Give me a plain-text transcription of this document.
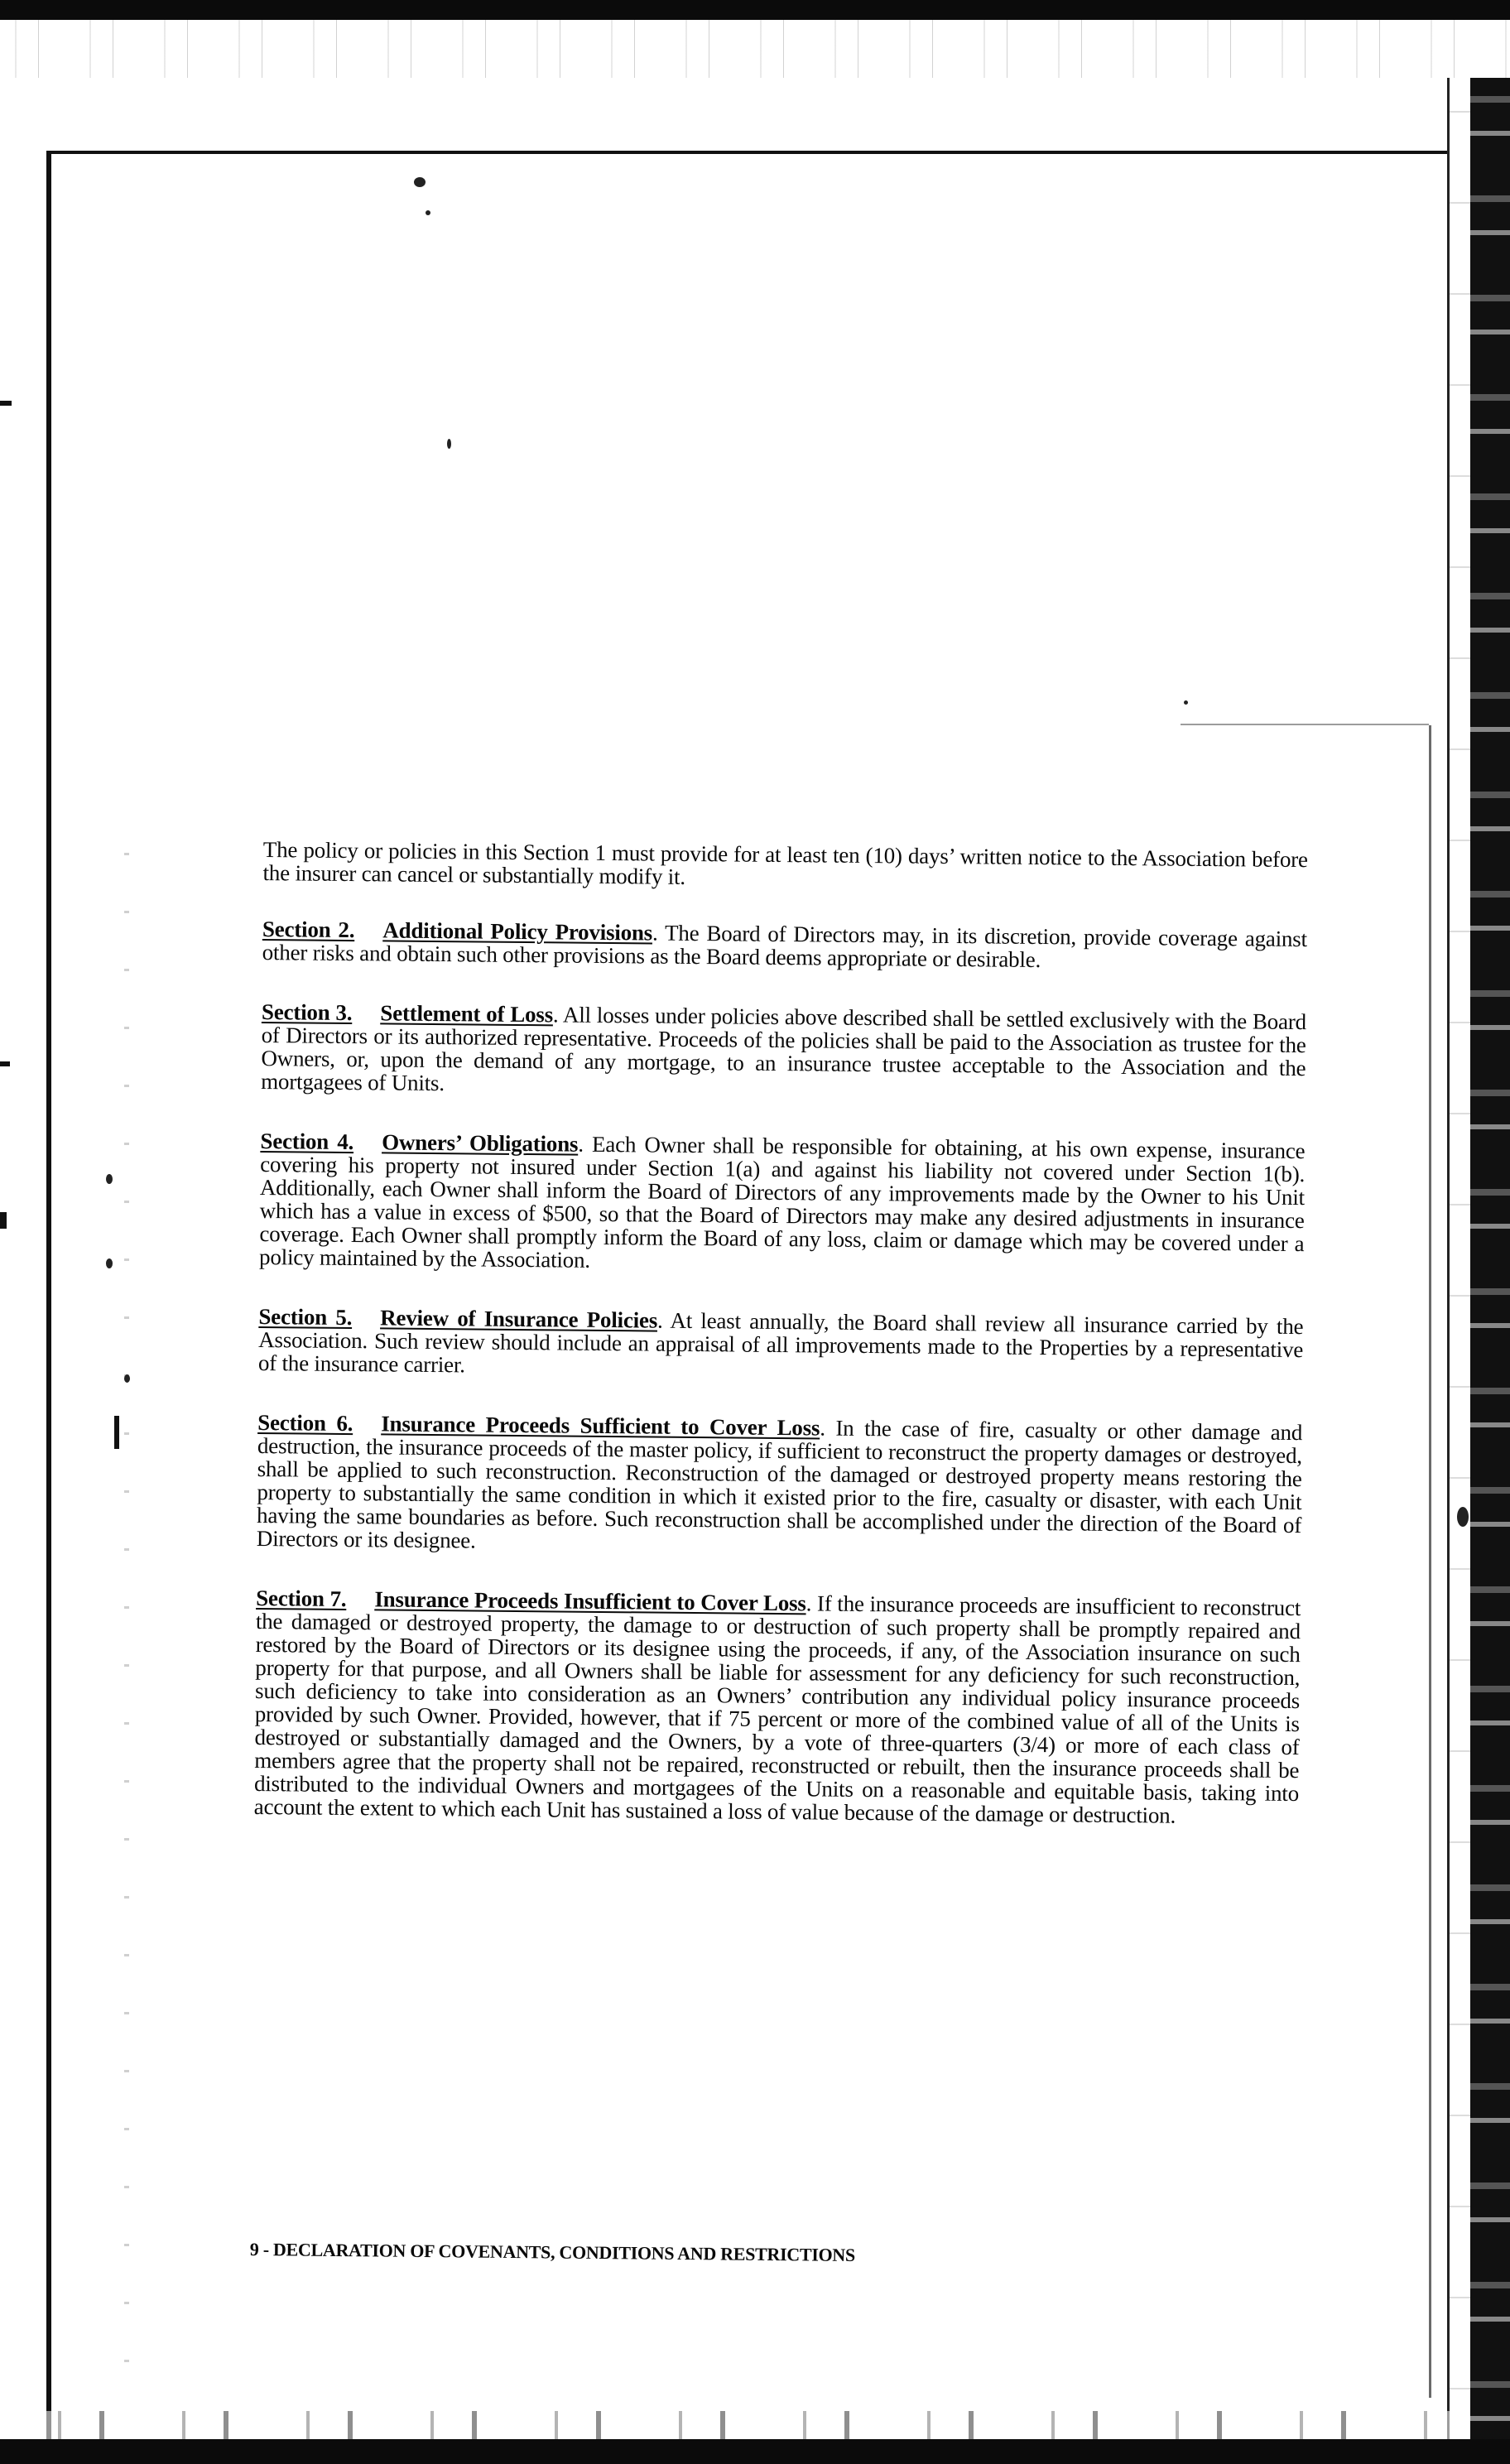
The policy or policies in this Section 1 must provide for at least ten (10) days’ written notice to the Association before the insurer can cancel or substantially modify it.

Section 2. Additional Policy Provisions. The Board of Directors may, in its discretion, provide coverage against other risks and obtain such other provisions as the Board deems appropriate or desirable.

Section 3. Settlement of Loss. All losses under policies above described shall be settled exclusively with the Board of Directors or its authorized representative. Proceeds of the policies shall be paid to the Association as trustee for the Owners, or, upon the demand of any mortgage, to an insurance trustee acceptable to the Association and the mortgagees of Units.

Section 4. Owners’ Obligations. Each Owner shall be responsible for obtaining, at his own expense, insurance covering his property not insured under Section 1(a) and against his liability not covered under Section 1(b). Additionally, each Owner shall inform the Board of Directors of any improvements made by the Owner to his Unit which has a value in excess of $500, so that the Board of Directors may make any desired adjustments in insurance coverage. Each Owner shall promptly inform the Board of any loss, claim or damage which may be covered under a policy maintained by the Association.

Section 5. Review of Insurance Policies. At least annually, the Board shall review all insurance carried by the Association. Such review should include an appraisal of all improvements made to the Properties by a representative of the insurance carrier.

Section 6. Insurance Proceeds Sufficient to Cover Loss. In the case of fire, casualty or other damage and destruction, the insurance proceeds of the master policy, if sufficient to reconstruct the property damages or destroyed, shall be applied to such reconstruction. Reconstruction of the damaged or destroyed property means restoring the property to substantially the same condition in which it existed prior to the fire, casualty or disaster, with each Unit having the same boundaries as before. Such reconstruction shall be accomplished under the direction of the Board of Directors or its designee.

Section 7. Insurance Proceeds Insufficient to Cover Loss. If the insurance proceeds are insufficient to reconstruct the damaged or destroyed property, the damage to or destruction of such property shall be promptly repaired and restored by the Board of Directors or its designee using the proceeds, if any, of the Association insurance on such property for that purpose, and all Owners shall be liable for assessment for any deficiency for such reconstruction, such deficiency to take into consideration as an Owners’ contribution any individual policy insurance proceeds provided by such Owner. Provided, however, that if 75 percent or more of the combined value of all of the Units is destroyed or substantially damaged and the Owners, by a vote of three-quarters (3/4) or more of each class of members agree that the property shall not be repaired, reconstructed or rebuilt, then the insurance proceeds shall be distributed to the individual Owners and mortgagees of the Units on a reasonable and equitable basis, taking into account the extent to which each Unit has sustained a loss of value because of the damage or destruction.

9 - DECLARATION OF COVENANTS, CONDITIONS AND RESTRICTIONS
